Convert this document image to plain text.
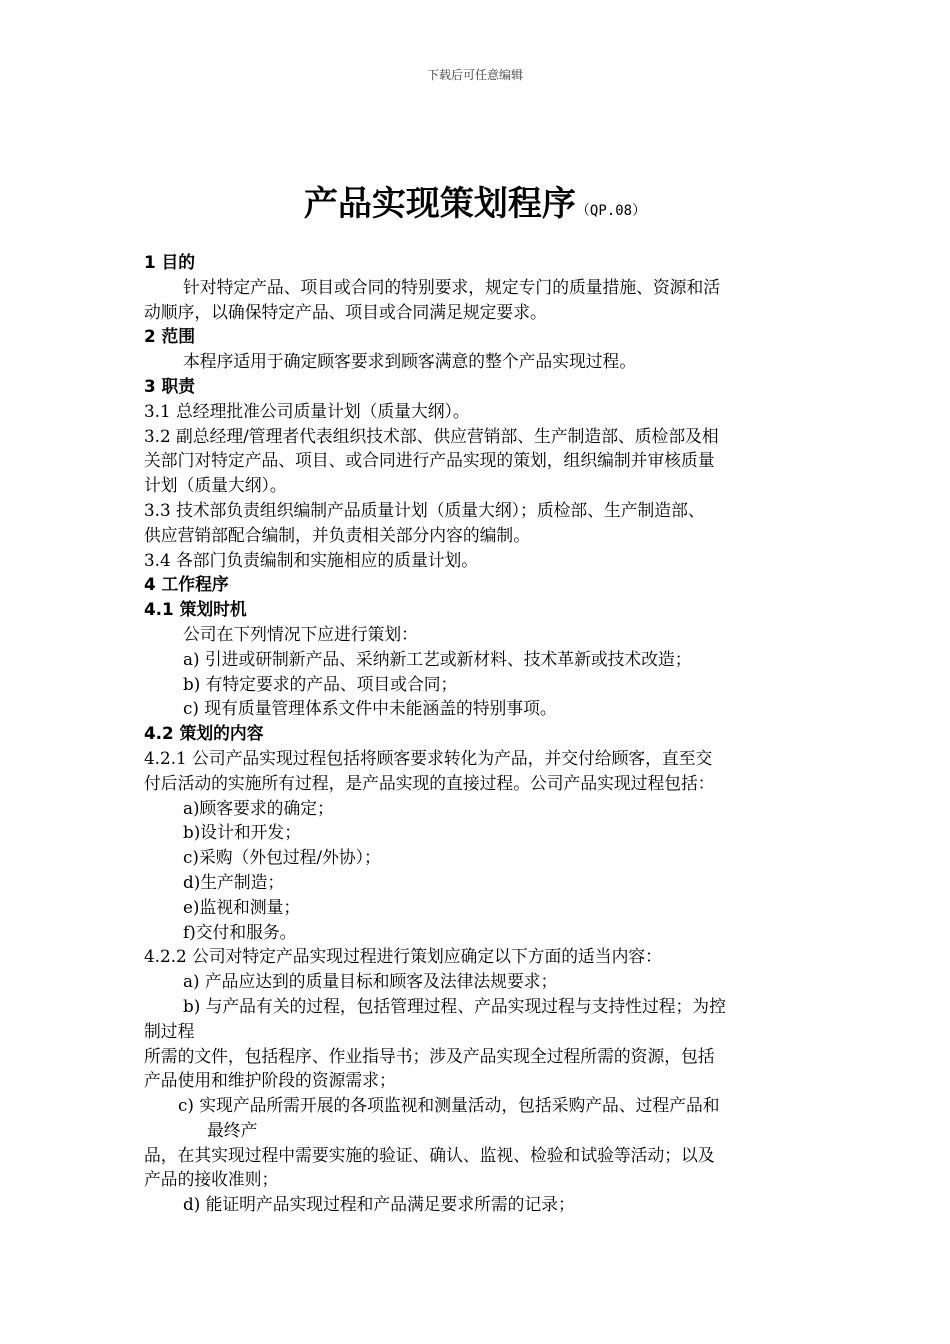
下载后可任意编辑
产品实现策划程序（QP.08）
1 目的
针对特定产品、项目或合同的特别要求，规定专门的质量措施、资源和活
动顺序，以确保特定产品、项目或合同满足规定要求。
2 范围
本程序适用于确定顾客要求到顾客满意的整个产品实现过程。
3 职责
3.1 总经理批准公司质量计划（质量大纲）。
3.2 副总经理/管理者代表组织技术部、供应营销部、生产制造部、质检部及相
关部门对特定产品、项目、或合同进行产品实现的策划，组织编制并审核质量
计划（质量大纲）。
3.3 技术部负责组织编制产品质量计划（质量大纲）；质检部、生产制造部、
供应营销部配合编制，并负责相关部分内容的编制。
3.4 各部门负责编制和实施相应的质量计划。
4 工作程序
4.1 策划时机
公司在下列情况下应进行策划：
a) 引进或研制新产品、采纳新工艺或新材料、技术革新或技术改造；
b) 有特定要求的产品、项目或合同；
c) 现有质量管理体系文件中未能涵盖的特别事项。
4.2 策划的内容
4.2.1 公司产品实现过程包括将顾客要求转化为产品，并交付给顾客，直至交
付后活动的实施所有过程，是产品实现的直接过程。公司产品实现过程包括：
a)顾客要求的确定；
b)设计和开发；
c)采购（外包过程/外协）；
d)生产制造；
e)监视和测量；
f)交付和服务。
4.2.2 公司对特定产品实现过程进行策划应确定以下方面的适当内容：
a) 产品应达到的质量目标和顾客及法律法规要求；
b) 与产品有关的过程，包括管理过程、产品实现过程与支持性过程；为控
制过程
所需的文件，包括程序、作业指导书；涉及产品实现全过程所需的资源，包括
产品使用和维护阶段的资源需求；
c) 实现产品所需开展的各项监视和测量活动，包括采购产品、过程产品和
最终产
品，在其实现过程中需要实施的验证、确认、监视、检验和试验等活动；以及
产品的接收准则；
d) 能证明产品实现过程和产品满足要求所需的记录；
